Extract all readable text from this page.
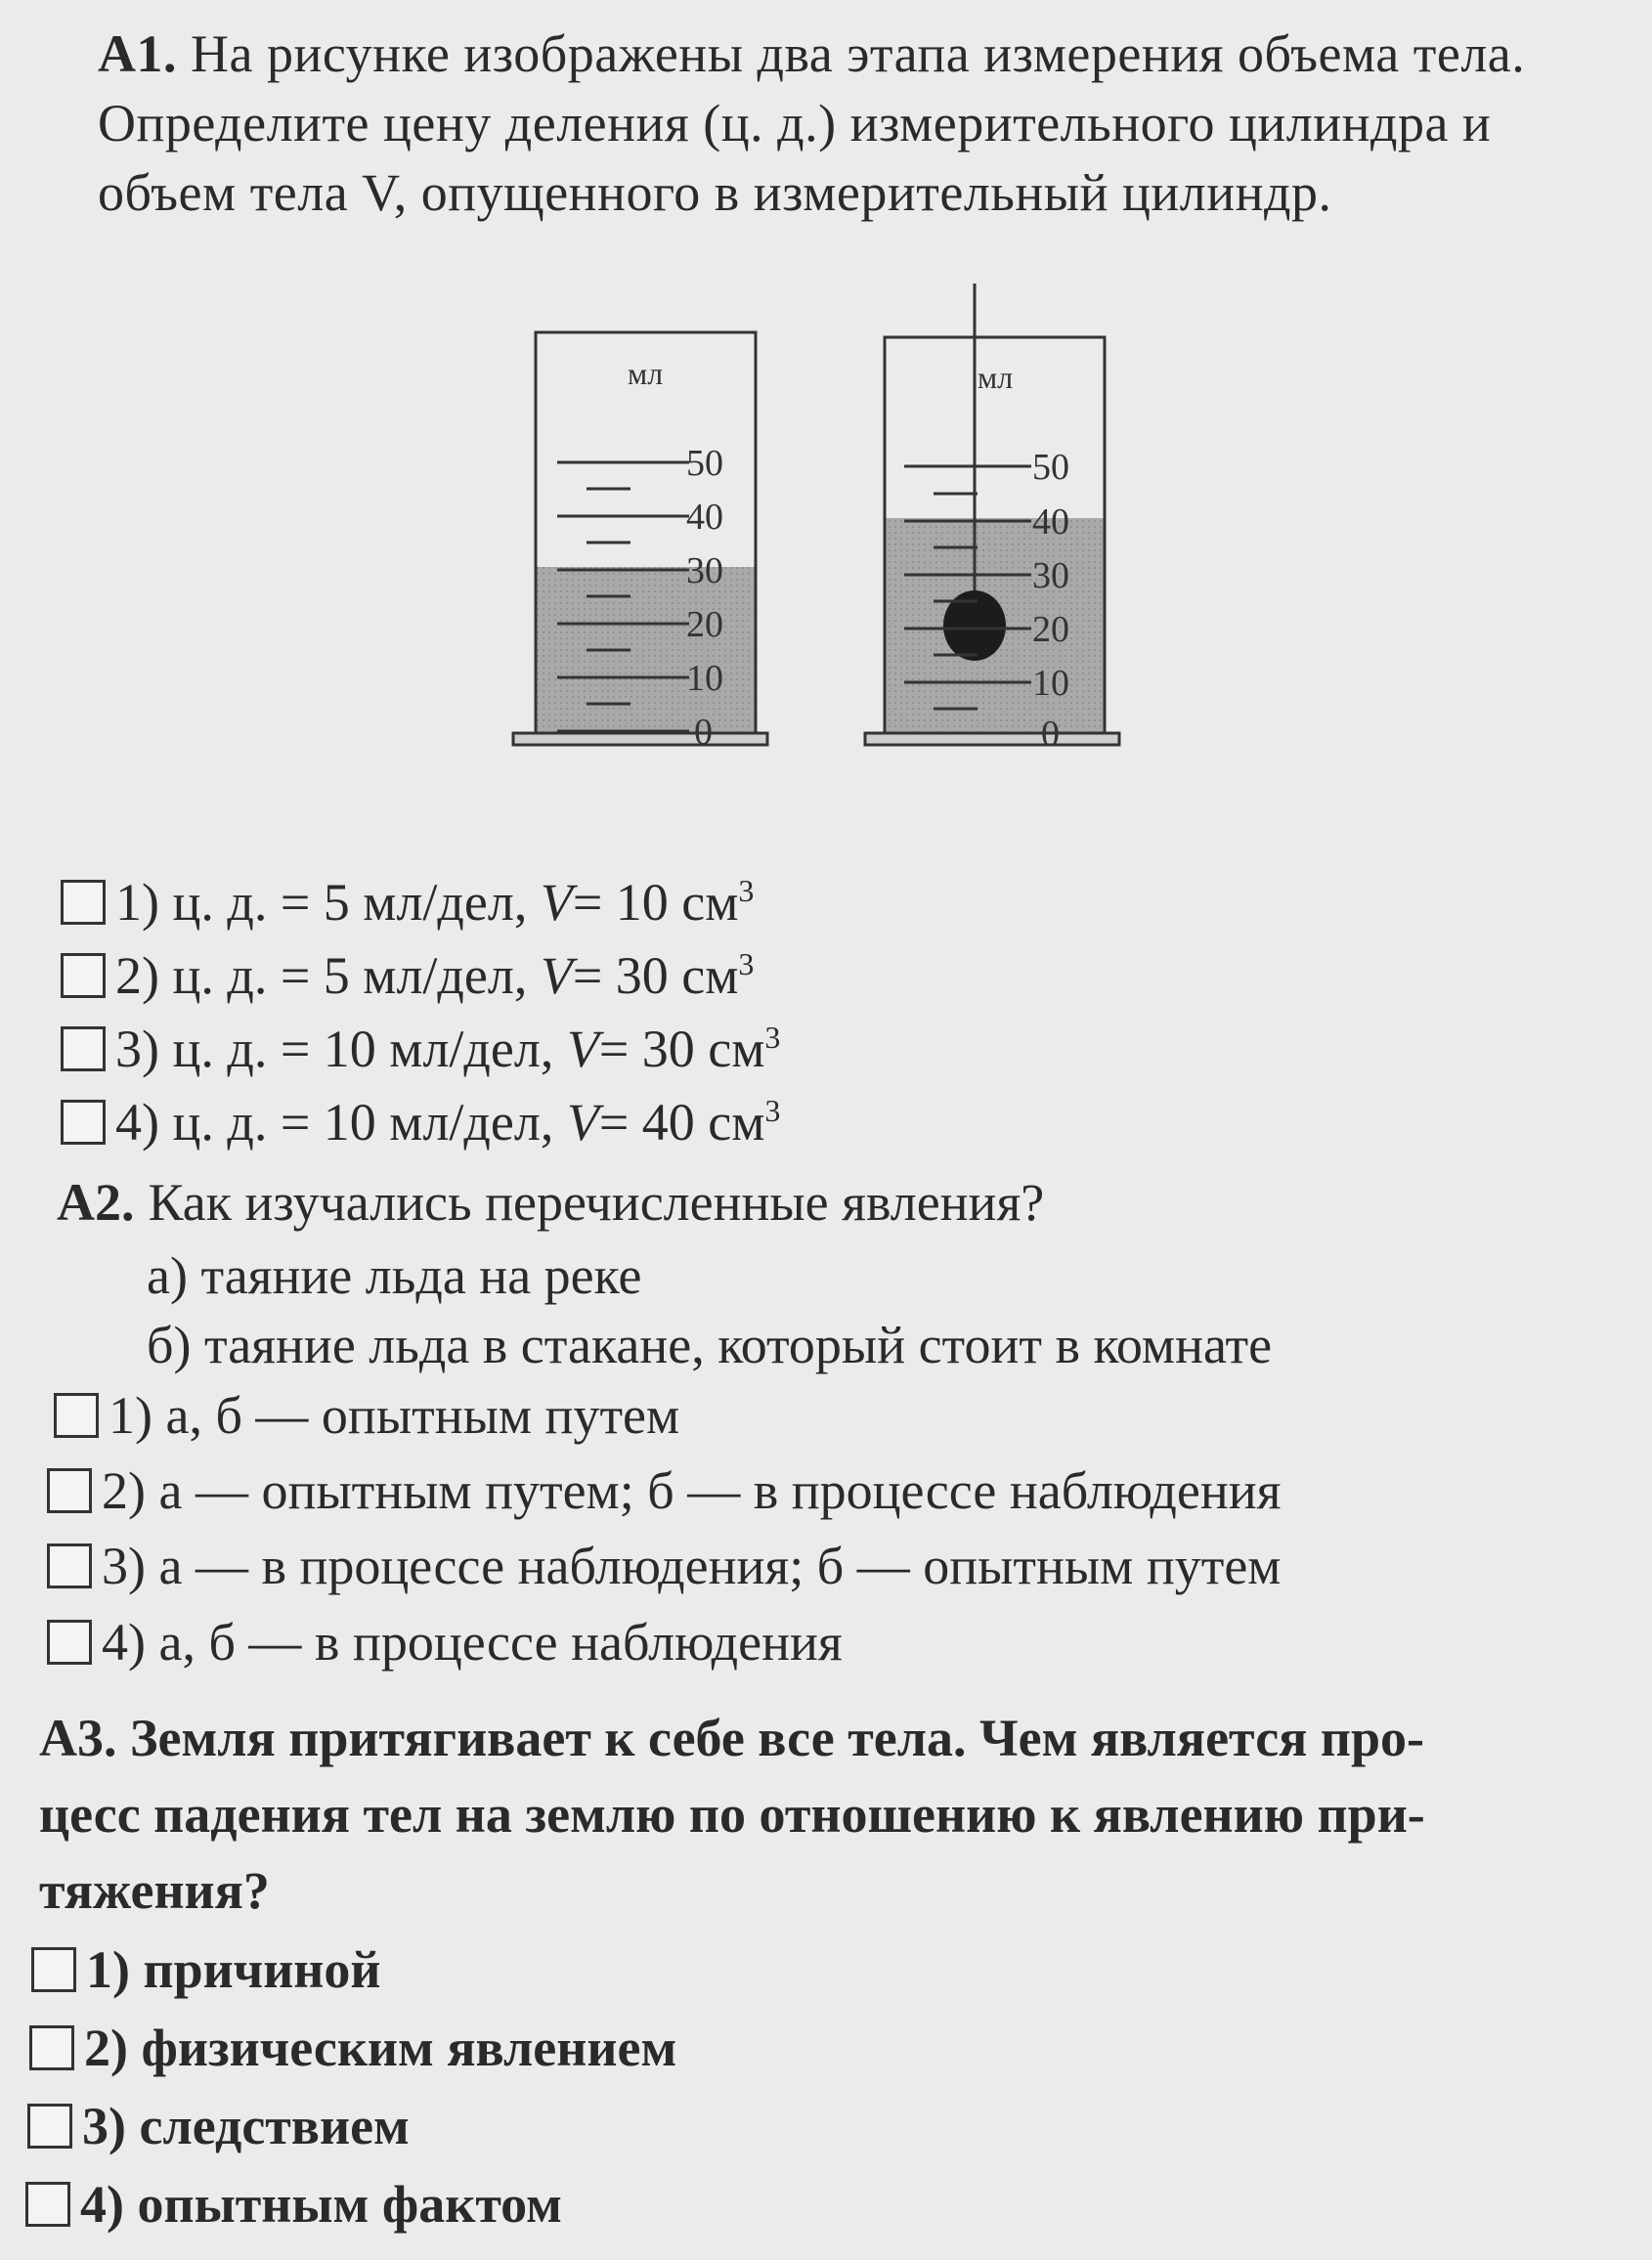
А1. На рисунке изображены два этапа измерения объема тела. Определите цену деления (ц. д.) измерительного цилиндра и объем тела V, опущенного в измерительный цилиндр.
мл
0
10
20
30
40
50
мл
0
10
20
30
40
50
1) ц. д. = 5 мл/дел, V= 10 $см^3$
2) ц. д. = 5 мл/дел, V= 30 $см^3$
3) ц. д. = 10 мл/дел, V= 30 $см^3$
4) ц. д. = 10 мл/дел, V= 40 $см^3$
А2. Как изучались перечисленные явления?
а) таяние льда на реке
б) таяние льда в стакане, который стоит в комнате
1) а, б — опытным путем
2) а — опытным путем; б — в процессе наблюдения
3) а — в процессе наблюдения; б — опытным путем
4) а, б — в процессе наблюдения
А3. Земля притягивает к себе все тела. Чем является про-
цесс падения тел на землю по отношению к явлению при-
тяжения?
1) причиной
2) физическим явлением
3) следствием
4) опытным фактом
